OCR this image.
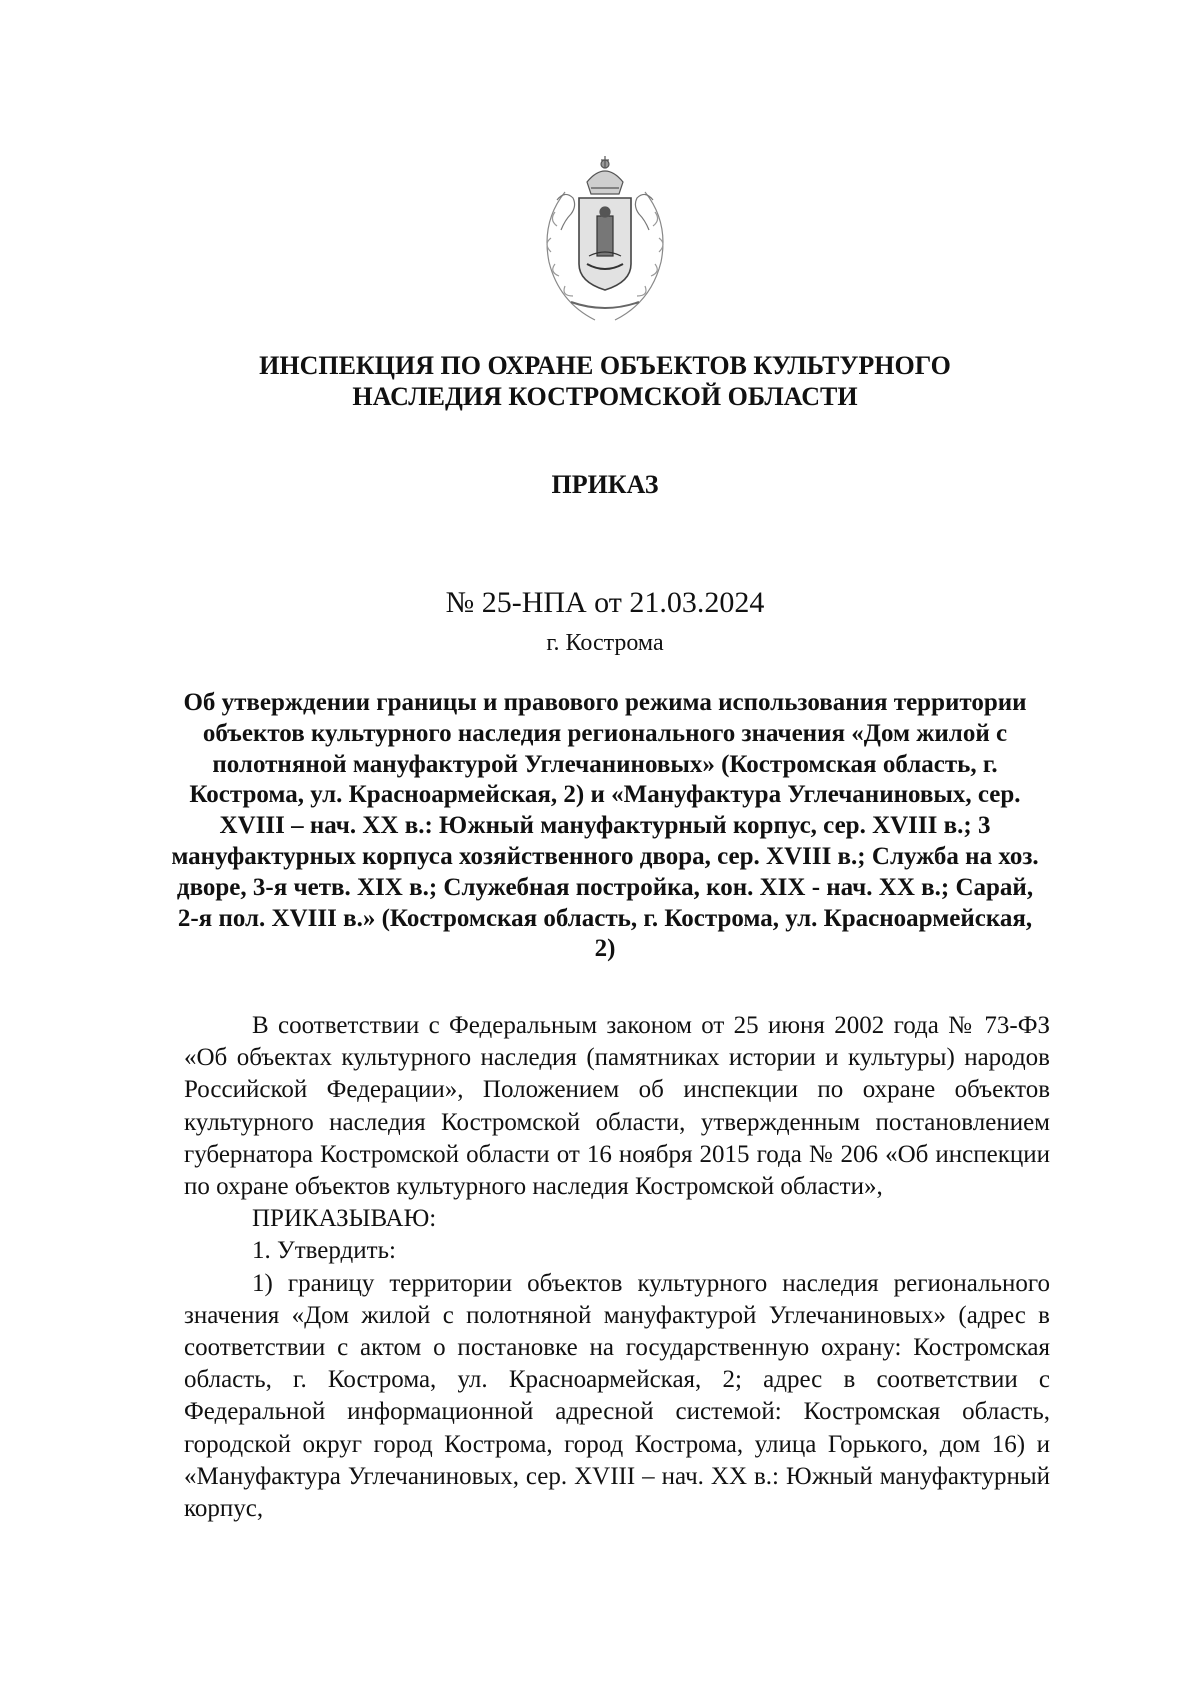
ИНСПЕКЦИЯ ПО ОХРАНЕ ОБЪЕКТОВ КУЛЬТУРНОГО
НАСЛЕДИЯ КОСТРОМСКОЙ ОБЛАСТИ
ПРИКАЗ
№ 25-НПА от 21.03.2024
г. Кострома
Об утверждении границы и правового режима использования территории объектов культурного наследия регионального значения «Дом жилой с полотняной мануфактурой Углечаниновых» (Костромская область, г. Кострома, ул. Красноармейская, 2) и «Мануфактура Углечаниновых, сер. XVIII – нач. XX в.: Южный мануфактурный корпус, сер. XVIII в.; 3 мануфактурных корпуса хозяйственного двора, сер. XVIII в.; Служба на хоз. дворе, 3-я четв. XIX в.; Служебная постройка, кон. XIX - нач. XX в.; Сарай, 2-я пол. XVIII в.» (Костромская область, г. Кострома, ул. Красноармейская, 2)

В соответствии с Федеральным законом от 25 июня 2002 года № 73-ФЗ «Об объектах культурного наследия (памятниках истории и культуры) народов Российской Федерации», Положением об инспекции по охране объектов культурного наследия Костромской области, утвержденным постановлением губернатора Костромской области от 16 ноября 2015 года № 206 «Об инспекции по охране объектов культурного наследия Костромской области»,

ПРИКАЗЫВАЮ:

1. Утвердить:

1) границу территории объектов культурного наследия регионального значения «Дом жилой с полотняной мануфактурой Углечаниновых» (адрес в соответствии с актом о постановке на государственную охрану: Костромская область, г. Кострома, ул. Красноармейская, 2; адрес в соответствии с Федеральной информационной адресной системой: Костромская область, городской округ город Кострома, город Кострома, улица Горького, дом 16) и «Мануфактура Углечаниновых, сер. XVIII – нач. XX в.: Южный мануфактурный корпус,
